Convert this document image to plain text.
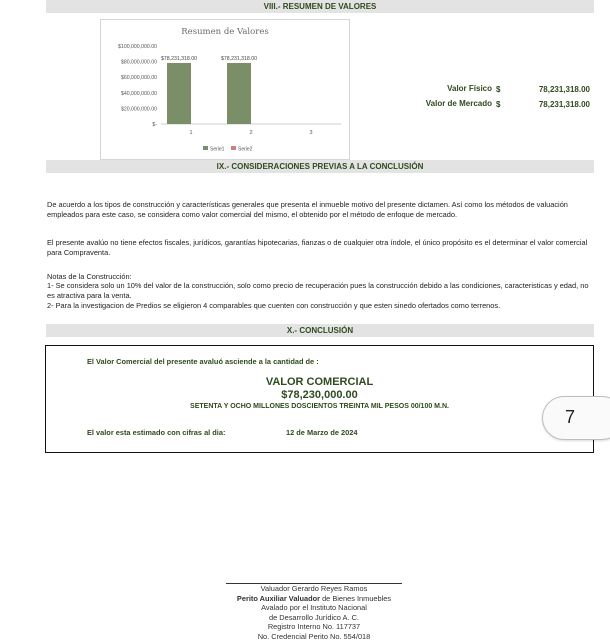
VIII.- RESUMEN DE VALORES
Resumen de Valores
$-
$20,000,000.00
$40,000,000.00
$60,000,000.00
$80,000,000.00
$100,000,000.00
1
$78,231,318.00
2
$78,231,318.00
3
Serie1	Serie2
Valor Físico $	78,231,318.00
Valor de Mercado $	78,231,318.00
IX.- CONSIDERACIONES PREVIAS A LA CONCLUSIÓN
De acuerdo a los tipos de construcción y características generales que presenta el inmueble motivo del presente dictamen. Así como los métodos de valuación empleados para este caso, se considera como valor comercial del mismo, el obtenido por el método de enfoque de mercado.
El presente avalúo no tiene efectos fiscales, jurídicos, garantías hipotecarias, fianzas o de cualquier otra índole, el único propósito es el determinar el valor comercial para Compraventa.
Notas de la Construcción:
1- Se considera solo un 10% del valor de la construcción, solo como precio de recuperación pues la construcción debido a las condiciones, caracteristicas y edad, no es atractiva para la venta.
2- Para la investigacion de Predios se eligieron 4 comparables que cuenten con construcción y que esten sinedo ofertados como terrenos.
X.- CONCLUSIÓN
El Valor Comercial del presente avaluó asciende a la cantidad de :
VALOR COMERCIAL
$78,230,000.00
SETENTA Y OCHO MILLONES DOSCIENTOS TREINTA MIL PESOS 00/100 M.N.
El valor esta estimado con cifras al dia:	12 de Marzo de 2024
7
Valuador Gerardo Reyes Ramos
Perito Auxiliar Valuador de Bienes Inmuebles
Avalado por el Instituto Nacional
de Desarrollo Jurídico A. C.
Registro Interno No. 117737
No. Credencial Perito No. 554/018
